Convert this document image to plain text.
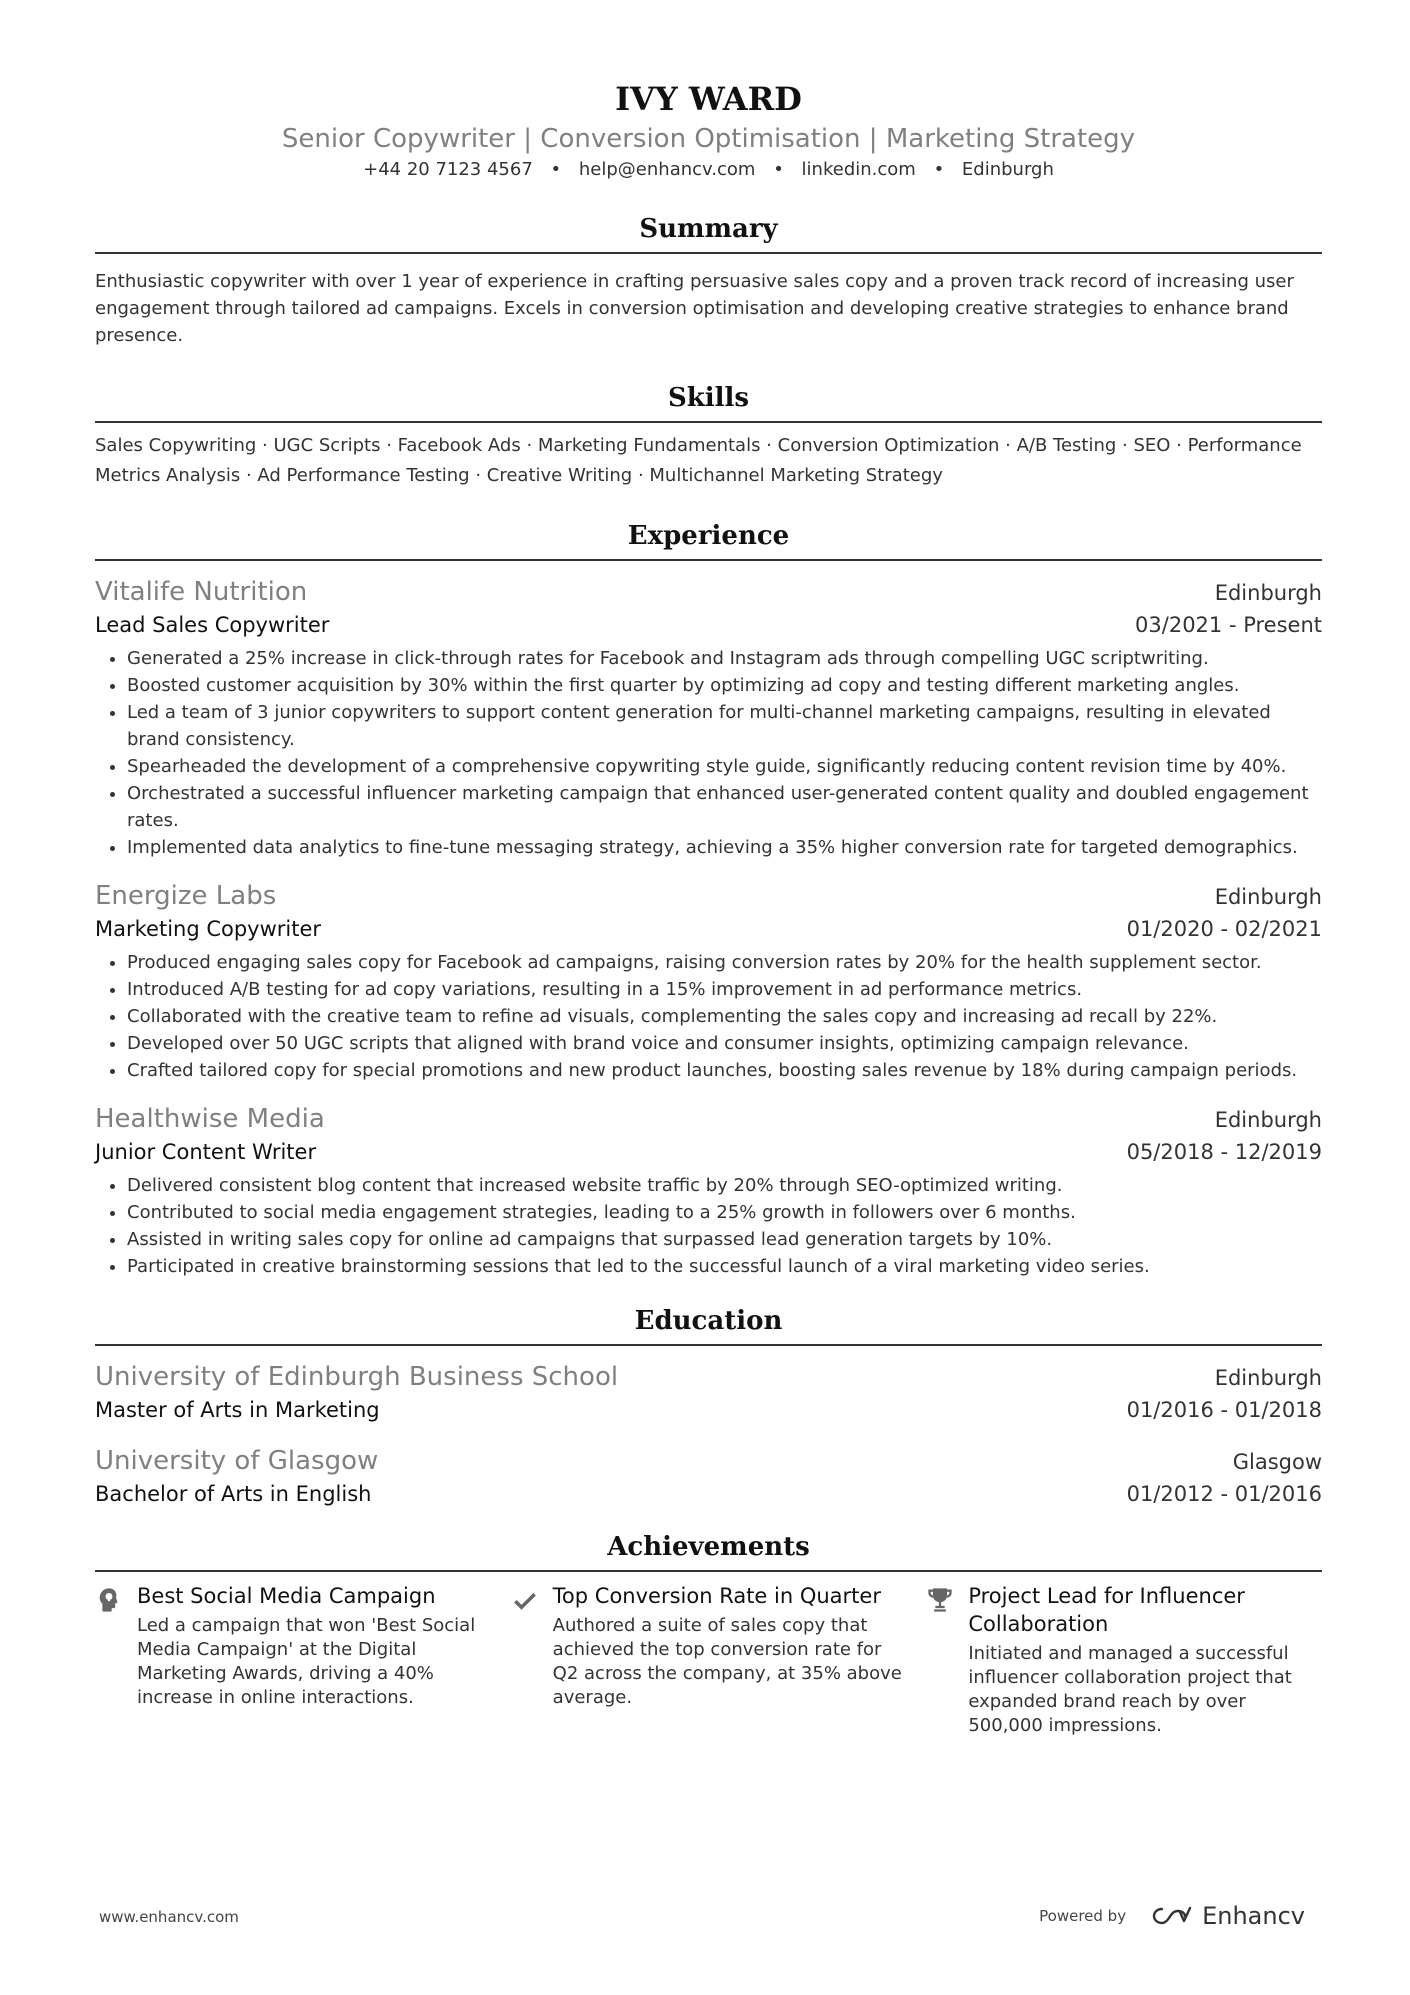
IVY WARD
Senior Copywriter | Conversion Optimisation | Marketing Strategy
+44 20 7123 4567 • help@enhancv.com • linkedin.com • Edinburgh
Summary
Enthusiastic copywriter with over 1 year of experience in crafting persuasive sales copy and a proven track record of increasing user engagement through tailored ad campaigns. Excels in conversion optimisation and developing creative strategies to enhance brand presence.
Skills
Sales Copywriting · UGC Scripts · Facebook Ads · Marketing Fundamentals · Conversion Optimization · A/B Testing · SEO · Performance Metrics Analysis · Ad Performance Testing · Creative Writing · Multichannel Marketing Strategy
Experience
Vitalife Nutrition	Edinburgh
Lead Sales Copywriter	03/2021 - Present
• Generated a 25% increase in click-through rates for Facebook and Instagram ads through compelling UGC scriptwriting.
• Boosted customer acquisition by 30% within the first quarter by optimizing ad copy and testing different marketing angles.
• Led a team of 3 junior copywriters to support content generation for multi-channel marketing campaigns, resulting in elevated brand consistency.
• Spearheaded the development of a comprehensive copywriting style guide, significantly reducing content revision time by 40%.
• Orchestrated a successful influencer marketing campaign that enhanced user-generated content quality and doubled engagement rates.
• Implemented data analytics to fine-tune messaging strategy, achieving a 35% higher conversion rate for targeted demographics.
Energize Labs	Edinburgh
Marketing Copywriter	01/2020 - 02/2021
• Produced engaging sales copy for Facebook ad campaigns, raising conversion rates by 20% for the health supplement sector.
• Introduced A/B testing for ad copy variations, resulting in a 15% improvement in ad performance metrics.
• Collaborated with the creative team to refine ad visuals, complementing the sales copy and increasing ad recall by 22%.
• Developed over 50 UGC scripts that aligned with brand voice and consumer insights, optimizing campaign relevance.
• Crafted tailored copy for special promotions and new product launches, boosting sales revenue by 18% during campaign periods.
Healthwise Media	Edinburgh
Junior Content Writer	05/2018 - 12/2019
• Delivered consistent blog content that increased website traffic by 20% through SEO-optimized writing.
• Contributed to social media engagement strategies, leading to a 25% growth in followers over 6 months.
• Assisted in writing sales copy for online ad campaigns that surpassed lead generation targets by 10%.
• Participated in creative brainstorming sessions that led to the successful launch of a viral marketing video series.
Education
University of Edinburgh Business School	Edinburgh
Master of Arts in Marketing	01/2016 - 01/2018
University of Glasgow	Glasgow
Bachelor of Arts in English	01/2012 - 01/2016
Achievements
Best Social Media Campaign
Led a campaign that won 'Best Social Media Campaign' at the Digital Marketing Awards, driving a 40% increase in online interactions.
Top Conversion Rate in Quarter
Authored a suite of sales copy that achieved the top conversion rate for Q2 across the company, at 35% above average.
Project Lead for Influencer Collaboration
Initiated and managed a successful influencer collaboration project that expanded brand reach by over 500,000 impressions.
www.enhancv.com	Powered by	Enhancv
